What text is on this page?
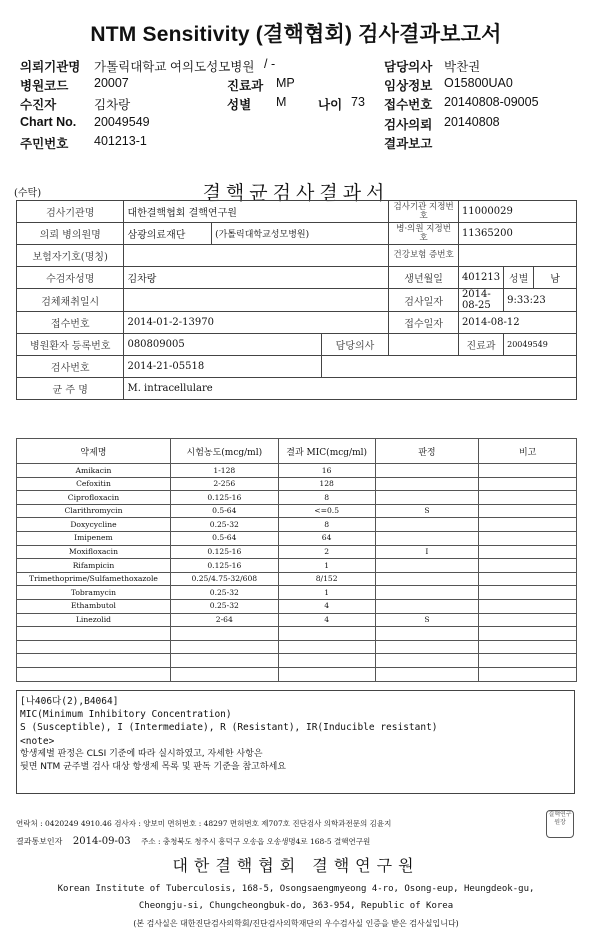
NTM Sensitivity (결핵협회) 검사결과보고서
의뢰기관명 가톨릭대학교 여의도성모병원 / -	담당의사 박찬권
병원코드 20007	진료과 MP	임상정보 O15800UA0
수진자	김차랑	성별 M	나이 73 접수번호 20140808-09005
Chart No. 20049549	검사의뢰 20140808
주민번호 401213-1	결과보고
(수탁)	결핵균검사결과서
검사기관명	대한결핵협회 결핵연구원			검사기관 지정번호	11000029		
의뢰 병의원명	삼광의료재단	(가톨릭대학교성모병원)		병·의원 지정번호	11365200		
보험자기호(명칭)				건강보험 증번호			
수검자성명	김차랑			생년월일	401213	성별	남
검체채취일시				검사일자	2014-08-25	9:33:23	
접수번호	2014-01-2-13970			접수일자	2014-08-12		
병원환자 등록번호	080809005		담당의사		진료과	20049549	
검사번호	2014-21-05518						
균 주 명	M. intracellulare						
약제명	시험농도(mcg/ml)	결과 MIC(mcg/ml)	판정	비고
Amikacin	1-128	16		
Cefoxitin	2-256	128		
Ciprofloxacin	0.125-16	8		
Clarithromycin	0.5-64	<=0.5	S	
Doxycycline	0.25-32	8		
Imipenem	0.5-64	64		
Moxifloxacin	0.125-16	2	I	
Rifampicin	0.125-16	1		
Trimethoprime/Sulfamethoxazole	0.25/4.75-32/608	8/152		
Tobramycin	0.25-32	1		
Ethambutol	0.25-32	4		
Linezolid	2-64	4	S	

[나406다(2),B4064]
MIC(Minimum Inhibitory Concentration)
S (Susceptible), I (Intermediate), R (Resistant), IR(Inducible resistant)
<note>
항생제별 판정은 CLSI 기준에 따라 실시하였고, 자세한 사항은
뒷면 NTM 균주별 검사 대상 항생제 목록 및 판독 기준을 참고하세요
연락처 : 0420249 4910.46 검사자 : 양보미 면허번호 : 48297 면허번호 제707호 진단검사 의학과전문의 김윤지
결과통보인자 2014-09-03 주소 : 충청북도 청주시 흥덕구 오송읍 오송생명4로 168-5 결핵연구원
결핵연구원장
대한결핵협회 결핵연구원
Korean Institute of Tuberculosis, 168-5, Osongsaengmyeong 4-ro, Osong-eup, Heungdeok-gu,
Cheongju-si, Chungcheongbuk-do, 363-954, Republic of Korea
(본 검사실은 대한진단검사의학회/진단검사의학재단의 우수검사실 인증을 받은 검사실입니다)
